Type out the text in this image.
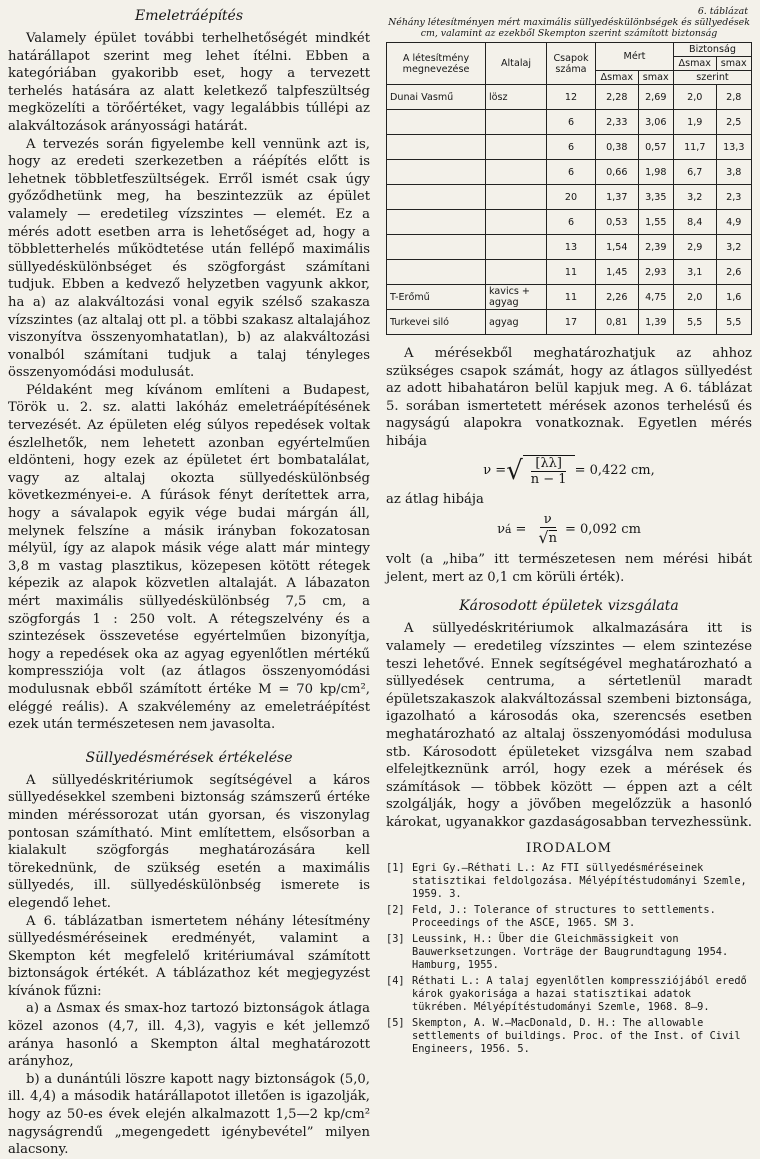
Emeletráépítés

Valamely épület további terhelhetőségét mindkét határállapot szerint meg lehet ítélni. Ebben a kategóriában gyakoribb eset, hogy a tervezett terhelés hatására az alatt keletkező talpfeszültség megközelíti a törőértéket, vagy legalábbis túllépi az alakváltozások arányossági határát.

A tervezés során figyelembe kell vennünk azt is, hogy az eredeti szerkezetben a ráépítés előtt is lehetnek többletfeszültségek. Erről ismét csak úgy győződhetünk meg, ha beszintezzük az épület valamely — eredetileg vízszintes — elemét. Ez a mérés adott esetben arra is lehetőséget ad, hogy a többletterhelés működtetése után fellépő maximális süllyedéskülönbséget és szögforgást számítani tudjuk. Ebben a kedvező helyzetben vagyunk akkor, ha a) az alakváltozási vonal egyik szélső szakasza vízszintes (az altalaj ott pl. a többi szakasz altalajához viszonyítva összenyomhatatlan), b) az alakváltozási vonalból számítani tudjuk a talaj tényleges összenyomódási modulusát.

Példaként meg kívánom említeni a Budapest, Török u. 2. sz. alatti lakóház emeletráépítésének tervezését. Az épületen elég súlyos repedések voltak észlelhetők, nem lehetett azonban egyértelműen eldönteni, hogy ezek az épületet ért bombatalálat, vagy az altalaj okozta süllyedéskülönbség következményei-e. A fúrások fényt derítettek arra, hogy a sávalapok egyik vége budai márgán áll, melynek felszíne a másik irányban fokozatosan mélyül, így az alapok másik vége alatt már mintegy 3,8 m vastag plasztikus, közepesen kötött rétegek képezik az alapok közvetlen altalaját. A lábazaton mért maximális süllyedéskülönbség 7,5 cm, a szögforgás 1 : 250 volt. A rétegszelvény és a szintezések összevetése egyértelműen bizonyítja, hogy a repedések oka az agyag egyenlőtlen mértékű kompressziója volt (az átlagos összenyomódási modulusnak ebből számított értéke M = 70 kp/cm², eléggé reális). A szakvélemény az emeletráépítést ezek után természetesen nem javasolta.

Süllyedésmérések értékelése

A süllyedéskritériumok segítségével a káros süllyedésekkel szembeni biztonság számszerű értéke minden méréssorozat után gyorsan, és viszonylag pontosan számítható. Mint említettem, elsősorban a kialakult szögforgás meghatározására kell törekednünk, de szükség esetén a maximális süllyedés, ill. süllyedéskülönbség ismerete is elegendő lehet.

A 6. táblázatban ismertetem néhány létesítmény süllyedésméréseinek eredményét, valamint a Skempton két megfelelő kritériumával számított biztonságok értékét. A táblázathoz két megjegyzést kívánok fűzni:

a) a Δsmax és smax-hoz tartozó biztonságok átlaga közel azonos (4,7, ill. 4,3), vagyis e két jellemző aránya hasonló a Skempton által meghatározott arányhoz,

b) a dunántúli löszre kapott nagy biztonságok (5,0, ill. 4,4) a második határállapotot illetően is igazolják, hogy az 50-es évek elején alkalmazott 1,5—2 kp/cm² nagyságrendű „megengedett igénybevétel” milyen alacsony.

6. táblázat
Néhány létesítményen mért maximális süllyedéskülönbségek és süllyedések cm, valamint az ezekből Skempton szerint számított biztonság
A létesítmény megnevezése	Altalaj	Csapok száma	Mért		Biztonság	
					Δsmax	smax
			Δsmax	smax	szerint	
Dunai Vasmű	lösz	12	2,28	2,69	2,0	2,8
		6	2,33	3,06	1,9	2,5
		6	0,38	0,57	11,7	13,3
		6	0,66	1,98	6,7	3,8
		20	1,37	3,35	3,2	2,3
		6	0,53	1,55	8,4	4,9
		13	1,54	2,39	2,9	3,2
		11	1,45	2,93	3,1	2,6
T-Erőmű	kavics + agyag	11	2,26	4,75	2,0	1,6
Turkevei siló	agyag	17	0,81	1,39	5,5	5,5

A mérésekből meghatározhatjuk az ahhoz szükséges csapok számát, hogy az átlagos süllyedést az adott hibahatáron belül kapjuk meg. A 6. táblázat 5. sorában ismertetett mérések azonos terhelésű és nagyságú alapokra vonatkoznak. Egyetlen mérés hibája

ν = √ $\frac{[\lambda\lambda]}{n - 1} = 0,422$ cm,

az átlag hibája

ν á = $\frac{\nu}{√ n} = 0,092$ cm

volt (a „hiba” itt természetesen nem mérési hibát jelent, mert az 0,1 cm körüli érték).

Károsodott épületek vizsgálata

A süllyedéskritériumok alkalmazására itt is valamely — eredetileg vízszintes — elem szintezése teszi lehetővé. Ennek segítségével meghatározható a süllyedések centruma, a sértetlenül maradt épületszakaszok alakváltozással szembeni biztonsága, igazolható a károsodás oka, szerencsés esetben meghatározható az altalaj összenyomódási modulusa stb. Károsodott épületeket vizsgálva nem szabad elfelejtkeznünk arról, hogy ezek a mérések és számítások — többek között — éppen azt a célt szolgálják, hogy a jövőben megelőzzük a hasonló károkat, ugyanakkor gazdaságosabban tervezhessünk.

IRODALOM
[1] Egri Gy.—Réthati L.: Az FTI süllyedésméréseinek statisztikai feldolgozása. Mélyépítéstudományi Szemle, 1959. 3.
[2] Feld, J.: Tolerance of structures to settlements. Proceedings of the ASCE, 1965. SM 3.
[3] Leussink, H.: Über die Gleichmässigkeit von Bauwerksetzungen. Vorträge der Baugrundtagung 1954. Hamburg, 1955.
[4] Réthati L.: A talaj egyenlőtlen kompressziójából eredő károk gyakorisága a hazai statisztikai adatok tükrében. Mélyépítéstudományi Szemle, 1968. 8—9.
[5] Skempton, A. W.—MacDonald, D. H.: The allowable settlements of buildings. Proc. of the Inst. of Civil Engineers, 1956. 5.
